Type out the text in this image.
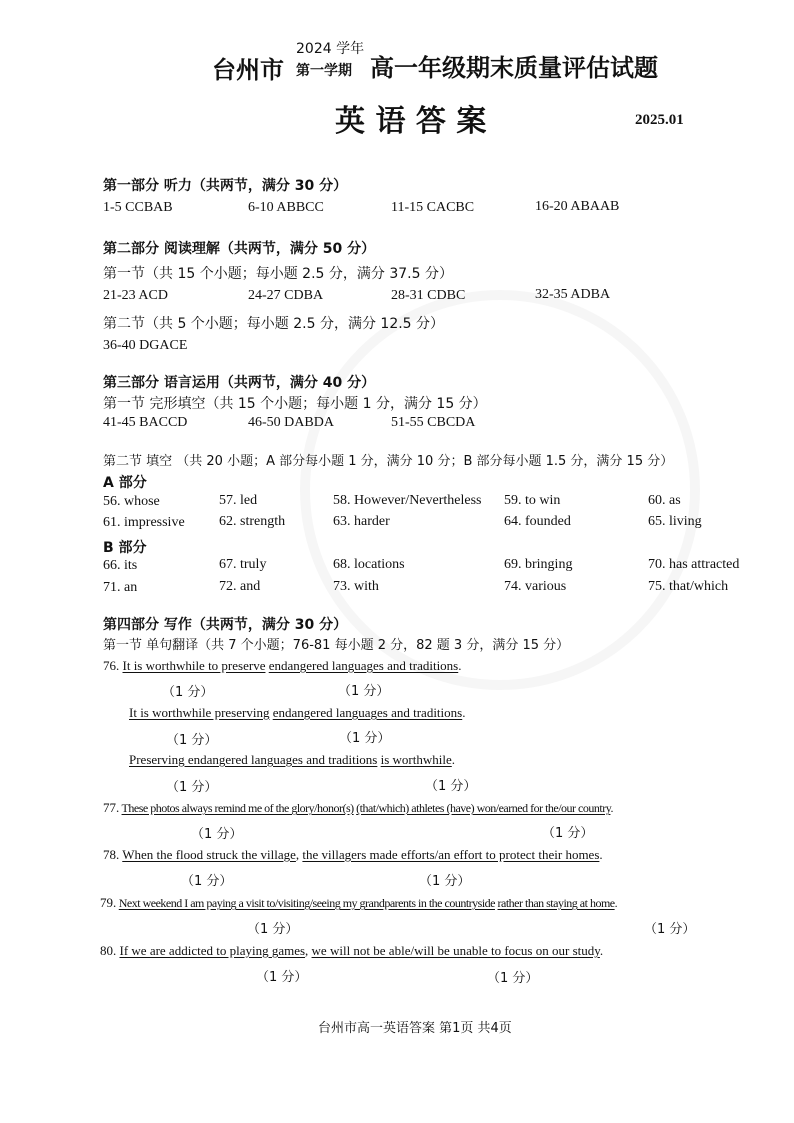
台州市
2024 学年
第一学期 高一年级期末质量评估试题
英 语 答 案	2025.01
第一部分 听力（共两节，满分 30 分）
1-5 CCBAB	6-10 ABBCC	11-15 CACBC	16-20 ABAAB
第二部分 阅读理解（共两节，满分 50 分）
第一节（共 15 个小题；每小题 2.5 分，满分 37.5 分）
21-23 ACD	24-27 CDBA	28-31 CDBC	32-35 ADBA
第二节（共 5 个小题；每小题 2.5 分，满分 12.5 分）
36-40 DGACE
第三部分 语言运用（共两节，满分 40 分）
第一节 完形填空（共 15 个小题；每小题 1 分，满分 15 分）
41-45 BACCD	46-50 DABDA	51-55 CBCDA
第二节 填空 （共 20 小题；A 部分每小题 1 分，满分 10 分；B 部分每小题 1.5 分，满分 15 分）
A 部分
56. whose	57. led	58. However/Nevertheless 59. to win	60. as
61. impressive 62. strength	63. harder	64. founded	65. living
B 部分
66. its	67. truly	68. locations	69. bringing	70. has attracted
71. an	72. and	73. with	74. various	75. that/which
第四部分 写作（共两节，满分 30 分）
第一节 单句翻译（共 7 个小题；76-81 每小题 2 分，82 题 3 分，满分 15 分）
76. It is worthwhile to preserve endangered languages and traditions.
（1 分）	（1 分）
It is worthwhile preserving endangered languages and traditions.
（1 分）	（1 分）
Preserving endangered languages and traditions is worthwhile.
（1 分）	（1 分）
77. These photos always remind me of the glory/honor(s) (that/which) athletes (have) won/earned for the/our country.
（1 分）	（1 分）
78. When the flood struck the village, the villagers made efforts/an effort to protect their homes.
（1 分）	（1 分）
79. Next weekend I am paying a visit to/visiting/seeing my grandparents in the countryside rather than staying at home.
（1 分）	（1 分）
80. If we are addicted to playing games, we will not be able/will be unable to focus on our study.
（1 分）	（1 分）
台州市高一英语答案 第1页 共4页
